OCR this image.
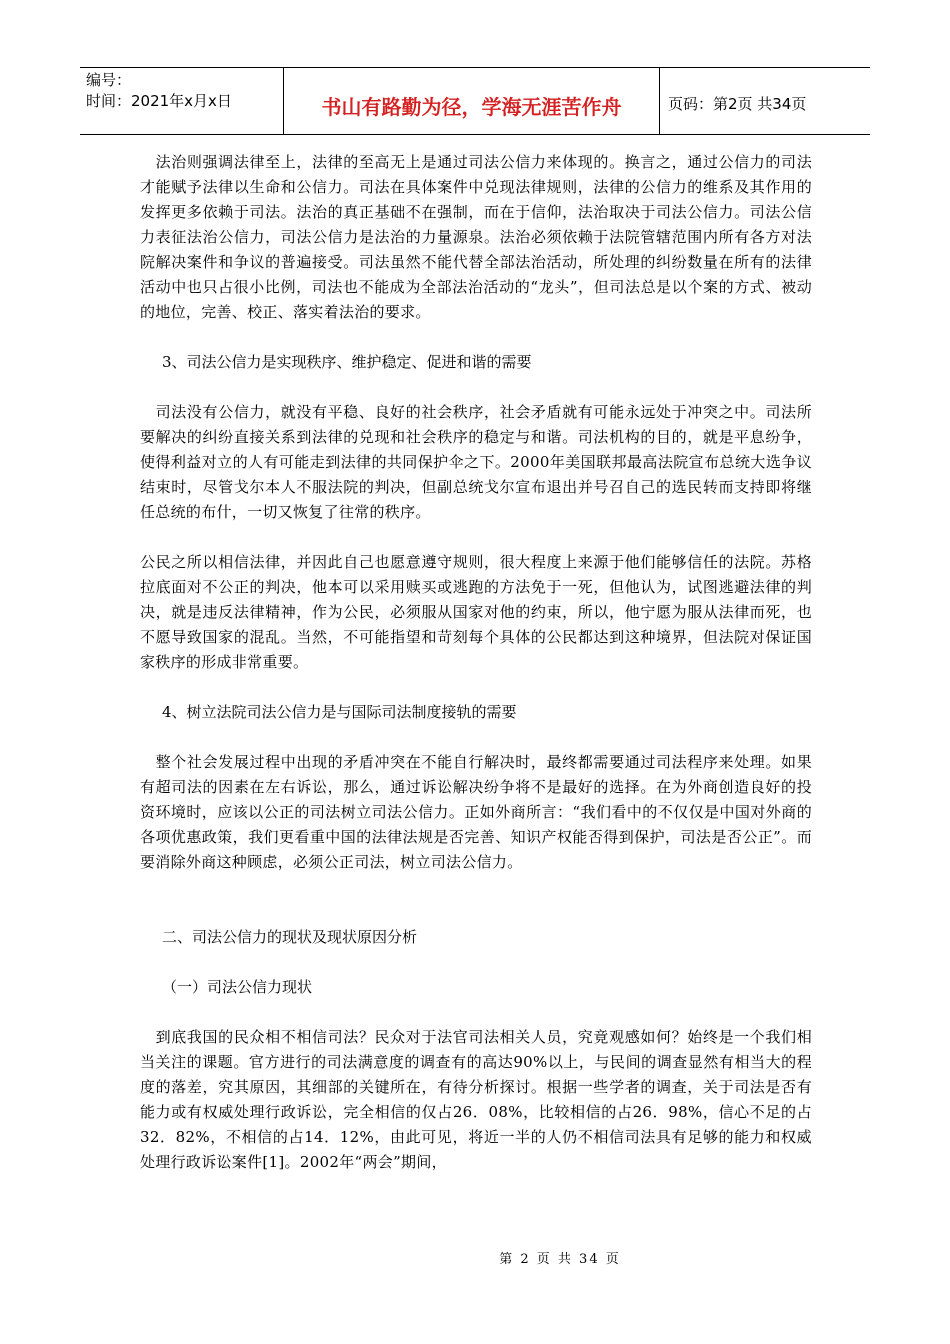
编号：
时间：2021年x月x日	书山有路勤为径，学海无涯苦作舟	页码：第2页 共34页

　法治则强调法律至上，法律的至高无上是通过司法公信力来体现的。换言之，通过公信力的司法才能赋予法律以生命和公信力。司法在具体案件中兑现法律规则，法律的公信力的维系及其作用的发挥更多依赖于司法。法治的真正基础不在强制，而在于信仰，法治取决于司法公信力。司法公信力表征法治公信力，司法公信力是法治的力量源泉。法治必须依赖于法院管辖范围内所有各方对法院解决案件和争议的普遍接受。司法虽然不能代替全部法治活动，所处理的纠纷数量在所有的法律活动中也只占很小比例，司法也不能成为全部法治活动的“龙头”，但司法总是以个案的方式、被动的地位，完善、校正、落实着法治的要求。

3、司法公信力是实现秩序、维护稳定、促进和谐的需要

　司法没有公信力，就没有平稳、良好的社会秩序，社会矛盾就有可能永远处于冲突之中。司法所要解决的纠纷直接关系到法律的兑现和社会秩序的稳定与和谐。司法机构的目的，就是平息纷争，使得利益对立的人有可能走到法律的共同保护伞之下。2000年美国联邦最高法院宣布总统大选争议结束时，尽管戈尔本人不服法院的判决，但副总统戈尔宣布退出并号召自己的选民转而支持即将继任总统的布什，一切又恢复了往常的秩序。

公民之所以相信法律，并因此自己也愿意遵守规则，很大程度上来源于他们能够信任的法院。苏格拉底面对不公正的判决，他本可以采用赎买或逃跑的方法免于一死，但他认为，试图逃避法律的判决，就是违反法律精神，作为公民，必须服从国家对他的约束，所以，他宁愿为服从法律而死，也不愿导致国家的混乱。当然，不可能指望和苛刻每个具体的公民都达到这种境界，但法院对保证国家秩序的形成非常重要。

4、树立法院司法公信力是与国际司法制度接轨的需要

　整个社会发展过程中出现的矛盾冲突在不能自行解决时，最终都需要通过司法程序来处理。如果有超司法的因素在左右诉讼，那么，通过诉讼解决纷争将不是最好的选择。在为外商创造良好的投资环境时，应该以公正的司法树立司法公信力。正如外商所言：“我们看中的不仅仅是中国对外商的各项优惠政策，我们更看重中国的法律法规是否完善、知识产权能否得到保护，司法是否公正”。而要消除外商这种顾虑，必须公正司法，树立司法公信力。

二、司法公信力的现状及现状原因分析

（一）司法公信力现状

　到底我国的民众相不相信司法？民众对于法官司法相关人员，究竟观感如何？始终是一个我们相当关注的课题。官方进行的司法满意度的调查有的高达90%以上，与民间的调查显然有相当大的程度的落差，究其原因，其细部的关键所在，有待分析探讨。根据一些学者的调查，关于司法是否有能力或有权威处理行政诉讼，完全相信的仅占26．08%，比较相信的占26．98%，信心不足的占32．82%，不相信的占14．12%，由此可见，将近一半的人仍不相信司法具有足够的能力和权威处理行政诉讼案件[1]。2002年“两会”期间，

第 2 页 共 34 页
